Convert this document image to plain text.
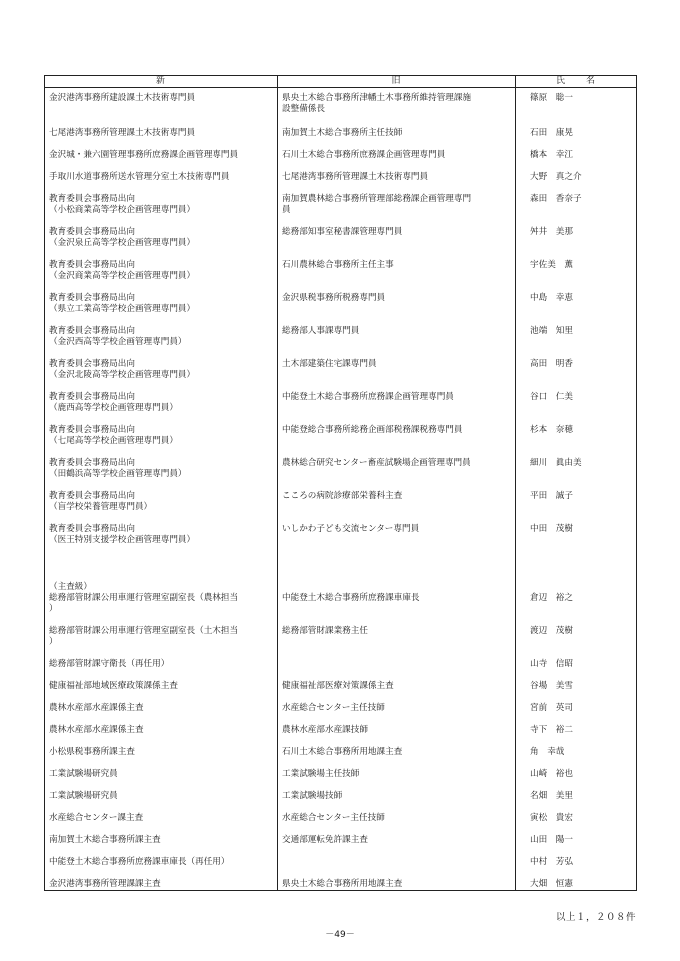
新	旧	氏　　名

金沢港湾事務所建設課土木技術専門員	県央土木総合事務所津幡土木事務所維持管理課施
設整備係長	篠原　聡一

七尾港湾事務所管理課土木技術専門員	南加賀土木総合事務所主任技師	石田　康晃

金沢城・兼六園管理事務所庶務課企画管理専門員	石川土木総合事務所庶務課企画管理専門員	橋本　幸江

手取川水道事務所送水管理分室土木技術専門員	七尾港湾事務所管理課土木技術専門員	大野　真之介

教育委員会事務局出向
（小松商業高等学校企画管理専門員）	南加賀農林総合事務所管理部総務課企画管理専門
員	森田　香奈子

教育委員会事務局出向
（金沢泉丘高等学校企画管理専門員）	総務部知事室秘書課管理専門員	舛井　美那

教育委員会事務局出向
（金沢商業高等学校企画管理専門員）	石川農林総合事務所主任主事	宇佐美　薫

教育委員会事務局出向
（県立工業高等学校企画管理専門員）	金沢県税事務所税務専門員	中島　幸恵

教育委員会事務局出向
（金沢西高等学校企画管理専門員）	総務部人事課専門員	池端　知里

教育委員会事務局出向
（金沢北陵高等学校企画管理専門員）	土木部建築住宅課専門員	高田　明香

教育委員会事務局出向
（鹿西高等学校企画管理専門員）	中能登土木総合事務所庶務課企画管理専門員	谷口　仁美

教育委員会事務局出向
（七尾高等学校企画管理専門員）	中能登総合事務所総務企画部税務課税務専門員	杉本　奈穂

教育委員会事務局出向
（田鶴浜高等学校企画管理専門員）	農林総合研究センター畜産試験場企画管理専門員	細川　眞由美

教育委員会事務局出向
（盲学校栄養管理専門員）	こころの病院診療部栄養科主査	平田　誠子

教育委員会事務局出向
（医王特別支援学校企画管理専門員）	いしかわ子ども交流センター専門員	中田　茂樹

（主査級）
総務部管財課公用車運行管理室副室長（農林担当
）	中能登土木総合事務所庶務課車庫長	倉辺　裕之

総務部管財課公用車運行管理室副室長（土木担当
）	総務部管財課業務主任	渡辺　茂樹

総務部管財課守衛長（再任用）		山寺　信昭

健康福祉部地域医療政策課係主査	健康福祉部医療対策課係主査	谷場　美雪

農林水産部水産課係主査	水産総合センター主任技師	宮前　英司

農林水産部水産課係主査	農林水産部水産課技師	寺下　裕二

小松県税事務所課主査	石川土木総合事務所用地課主査	角　幸哉

工業試験場研究員	工業試験場主任技師	山崎　裕也

工業試験場研究員	工業試験場技師	名畑　美里

水産総合センター課主査	水産総合センター主任技師	寅松　貴宏

南加賀土木総合事務所課主査	交通部運転免許課主査	山田　陽一

中能登土木総合事務所庶務課車庫長（再任用）		中村　芳弘

金沢港湾事務所管理課課主査	県央土木総合事務所用地課主査	大畑　恒憲
以上１，２０８件
－49－
